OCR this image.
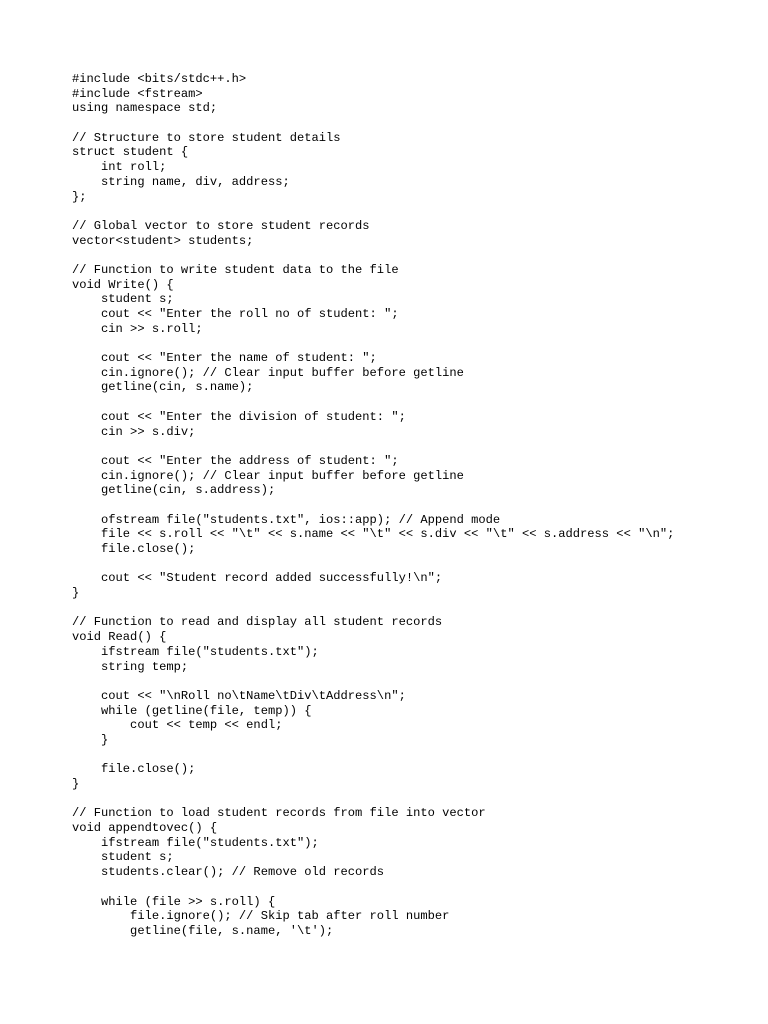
#include <bits/stdc++.h>
#include <fstream>
using namespace std;
// Structure to store student details
struct student {
int roll;
string name, div, address;
};
// Global vector to store student records
vector<student> students;
// Function to write student data to the file
void Write() {
student s;
cout << "Enter the roll no of student: ";
cin >> s.roll;
cout << "Enter the name of student: ";
cin.ignore(); // Clear input buffer before getline
getline(cin, s.name);
cout << "Enter the division of student: ";
cin >> s.div;
cout << "Enter the address of student: ";
cin.ignore(); // Clear input buffer before getline
getline(cin, s.address);
ofstream file("students.txt", ios::app); // Append mode
file << s.roll << "\t" << s.name << "\t" << s.div << "\t" << s.address << "\n";
file.close();
cout << "Student record added successfully!\n";
}
// Function to read and display all student records
void Read() {
ifstream file("students.txt");
string temp;
cout << "\nRoll no\tName\tDiv\tAddress\n";
while (getline(file, temp)) {
cout << temp << endl;
}
file.close();
}
// Function to load student records from file into vector
void appendtovec() {
ifstream file("students.txt");
student s;
students.clear(); // Remove old records
while (file >> s.roll) {
file.ignore(); // Skip tab after roll number
getline(file, s.name, '\t');
